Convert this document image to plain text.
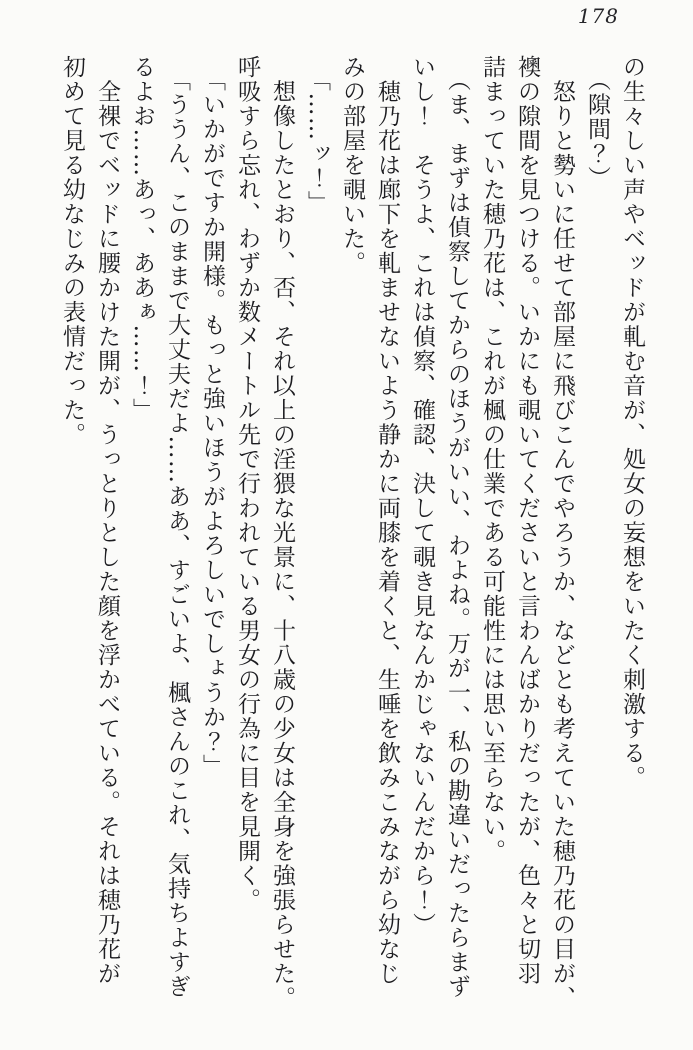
178
の生々しい声やベッドが軋む音が、処女の妄想をいたく刺激する。
　（隙間？）
　怒りと勢いに任せて部屋に飛びこんでやろうか、などとも考えていた穂乃花の目が、
襖の隙間を見つける。いかにも覗いてくださいと言わんばかりだったが、色々と切羽
詰まっていた穂乃花は、これが楓の仕業である可能性には思い至らない。
　（ま、まずは偵察してからのほうがいい、わよね。万が一、私の勘違いだったらまず
いし！　そうよ、これは偵察、確認、決して覗き見なんかじゃないんだから！）
　穂乃花は廊下を軋ませないよう静かに両膝を着くと、生唾を飲みこみながら幼なじ
みの部屋を覗いた。
　「……ッ！」
　想像したとおり、否、それ以上の淫猥な光景に、十八歳の少女は全身を強張らせた。
呼吸すら忘れ、わずか数メートル先で行われている男女の行為に目を見開く。
　「いかがですか開様。もっと強いほうがよろしいでしょうか？」
　「ううん、このままで大丈夫だよ……ああ、すごいよ、楓さんのこれ、気持ちよすぎ
るよお……あっ、ああぁ……！」
　全裸でベッドに腰かけた開が、うっとりとした顔を浮かべている。それは穂乃花が
初めて見る幼なじみの表情だった。
